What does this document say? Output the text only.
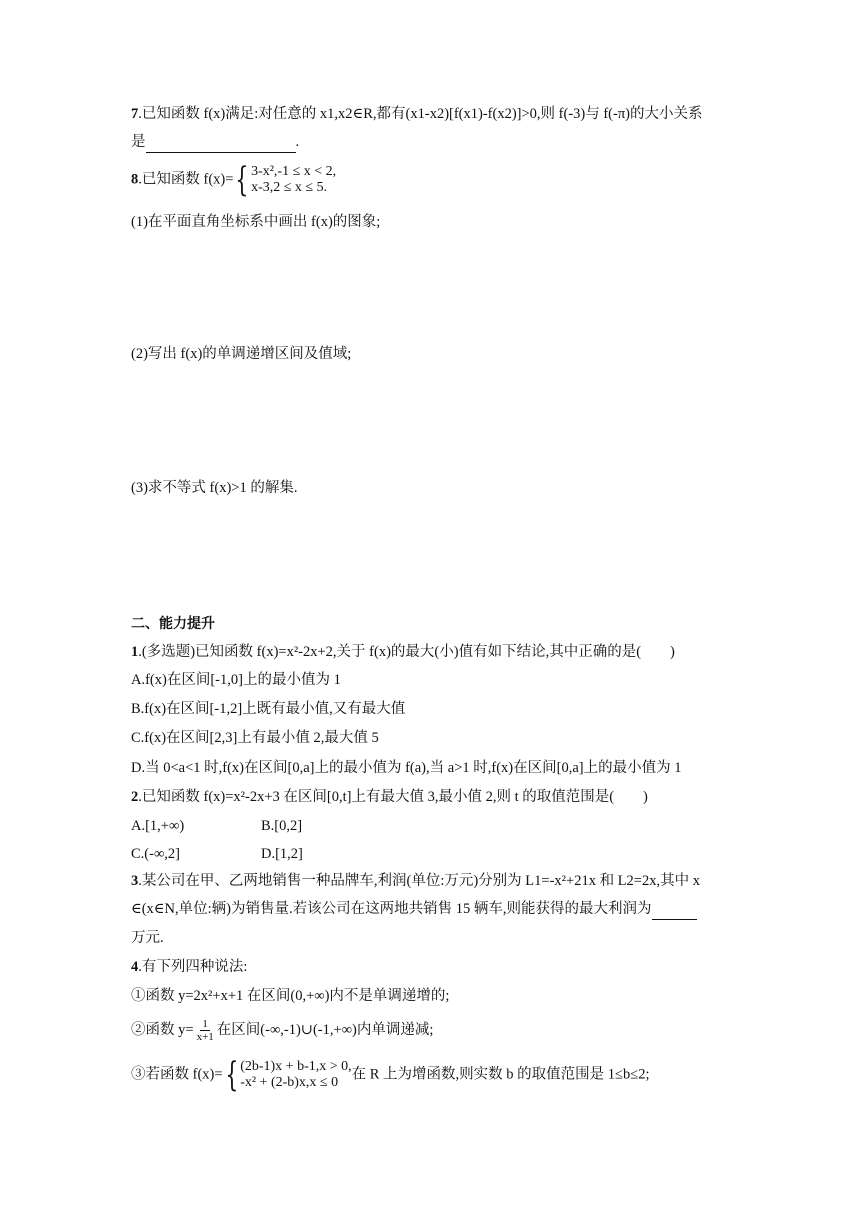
7.已知函数 f(x)满足:对任意的 x1,x2∈R,都有(x1-x2)[f(x1)-f(x2)]>0,则 f(-3)与 f(-π)的大小关系
是	.
8.已知函数 f(x)= { 3-x²,-1 ≤ x < 2,
x-3,2 ≤ x ≤ 5.
(1)在平面直角坐标系中画出 f(x)的图象;
(2)写出 f(x)的单调递增区间及值域;
(3)求不等式 f(x)>1 的解集.
二、能力提升
1.(多选题)已知函数 f(x)=x²-2x+2,关于 f(x)的最大(小)值有如下结论,其中正确的是(　　)
A.f(x)在区间[-1,0]上的最小值为 1
B.f(x)在区间[-1,2]上既有最小值,又有最大值
C.f(x)在区间[2,3]上有最小值 2,最大值 5
D.当 0<a<1 时,f(x)在区间[0,a]上的最小值为 f(a),当 a>1 时,f(x)在区间[0,a]上的最小值为 1
2.已知函数 f(x)=x²-2x+3 在区间[0,t]上有最大值 3,最小值 2,则 t 的取值范围是(　　)
A.[1,+∞)	B.[0,2]
C.(-∞,2]	D.[1,2]
3.某公司在甲、乙两地销售一种品牌车,利润(单位:万元)分别为 L1=-x²+21x 和 L2=2x,其中 x
∈(x∈N,单位:辆)为销售量.若该公司在这两地共销售 15 辆车,则能获得的最大利润为
万元.
4.有下列四种说法:
①函数 y=2x²+x+1 在区间(0,+∞)内不是单调递增的;
②函数 $y= \frac{1}{x+1}$ 在区间(-∞,-1)∪(-1,+∞)内单调递减;
③若函数 f(x)= { (2b-1)x + b-1,x > 0,
-x² + (2-b)x,x ≤ 0
在 R 上为增函数,则实数 b 的取值范围是 1≤b≤2;
